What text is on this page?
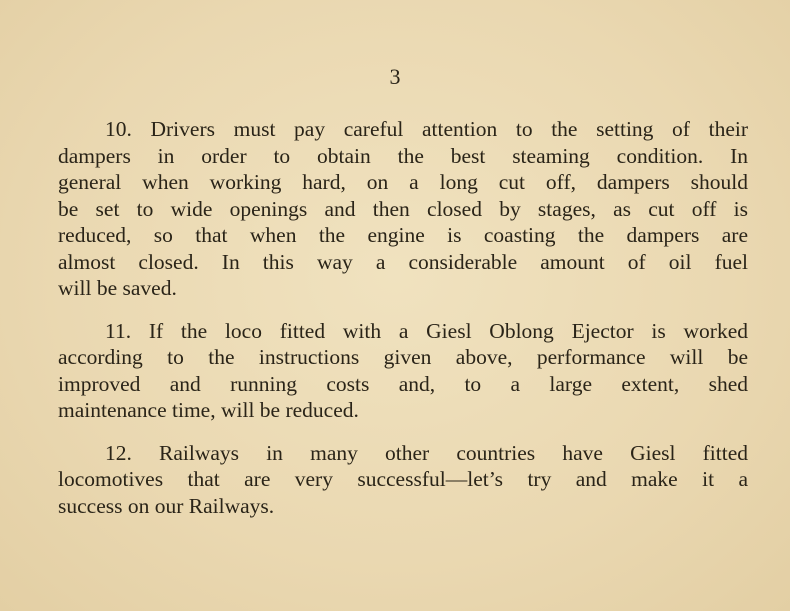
3
10. Drivers must pay careful attention to the setting of their
dampers in order to obtain the best steaming condition. In
general when working hard, on a long cut off, dampers should
be set to wide openings and then closed by stages, as cut off is
reduced, so that when the engine is coasting the dampers are
almost closed. In this way a considerable amount of oil fuel
will be saved.
11. If the loco fitted with a Giesl Oblong Ejector is worked
according to the instructions given above, performance will be
improved and running costs and, to a large extent, shed
maintenance time, will be reduced.
12. Railways in many other countries have Giesl fitted
locomotives that are very successful—let’s try and make it a
success on our Railways.
